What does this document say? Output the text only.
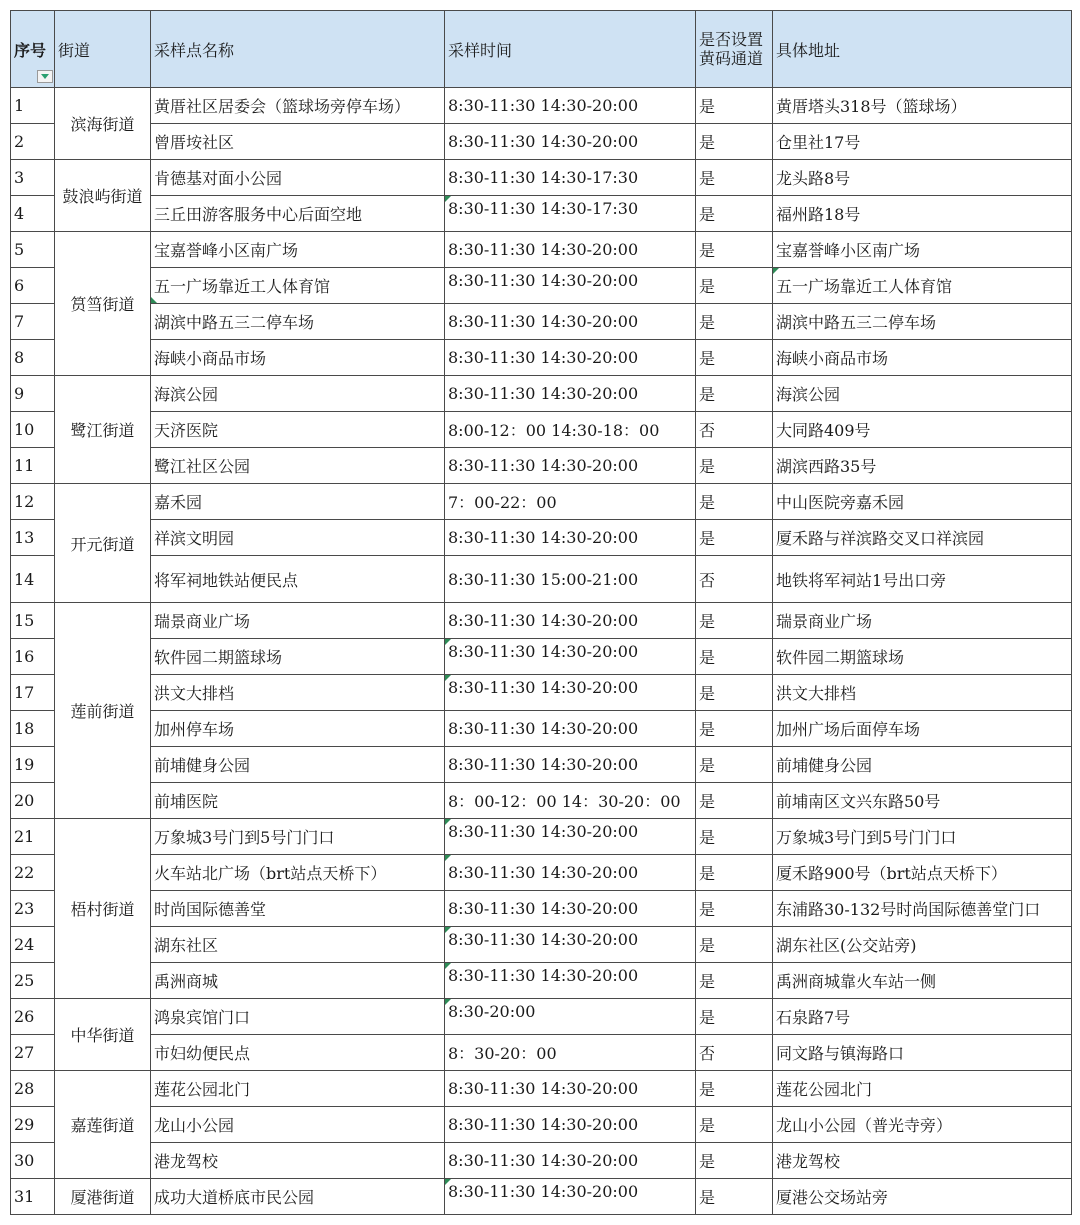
序号	街道	采样点名称	采样时间	是否设置黄码通道	具体地址
1	滨海街道	黄厝社区居委会（篮球场旁停车场）	8:30-11:30 14:30-20:00	是	黄厝塔头318号（篮球场）
2		曾厝垵社区	8:30-11:30 14:30-20:00	是	仓里社17号
3	鼓浪屿街道	肯德基对面小公园	8:30-11:30 14:30-17:30	是	龙头路8号
4		三丘田游客服务中心后面空地	8:30-11:30 14:30-17:30	是	福州路18号
5	筼筜街道	宝嘉誉峰小区南广场	8:30-11:30 14:30-20:00	是	宝嘉誉峰小区南广场
6		五一广场靠近工人体育馆	8:30-11:30 14:30-20:00	是	五一广场靠近工人体育馆
7		湖滨中路五三二停车场	8:30-11:30 14:30-20:00	是	湖滨中路五三二停车场
8		海峡小商品市场	8:30-11:30 14:30-20:00	是	海峡小商品市场
9	鹭江街道	海滨公园	8:30-11:30 14:30-20:00	是	海滨公园
10		天济医院	8:00-12：00 14:30-18：00	否	大同路409号
11		鹭江社区公园	8:30-11:30 14:30-20:00	是	湖滨西路35号
12	开元街道	嘉禾园	7：00-22：00	是	中山医院旁嘉禾园
13		祥滨文明园	8:30-11:30 14:30-20:00	是	厦禾路与祥滨路交叉口祥滨园
14		将军祠地铁站便民点	8:30-11:30 15:00-21:00	否	地铁将军祠站1号出口旁
15	莲前街道	瑞景商业广场	8:30-11:30 14:30-20:00	是	瑞景商业广场
16		软件园二期篮球场	8:30-11:30 14:30-20:00	是	软件园二期篮球场
17		洪文大排档	8:30-11:30 14:30-20:00	是	洪文大排档
18		加州停车场	8:30-11:30 14:30-20:00	是	加州广场后面停车场
19		前埔健身公园	8:30-11:30 14:30-20:00	是	前埔健身公园
20		前埔医院	8：00-12：00 14：30-20：00	是	前埔南区文兴东路50号
21	梧村街道	万象城3号门到5号门门口	8:30-11:30 14:30-20:00	是	万象城3号门到5号门门口
22		火车站北广场（brt站点天桥下）	8:30-11:30 14:30-20:00	是	厦禾路900号（brt站点天桥下）
23		时尚国际德善堂	8:30-11:30 14:30-20:00	是	东浦路30-132号时尚国际德善堂门口
24		湖东社区	8:30-11:30 14:30-20:00	是	湖东社区(公交站旁)
25		禹洲商城	8:30-11:30 14:30-20:00	是	禹洲商城靠火车站一侧
26	中华街道	鸿泉宾馆门口	8:30-20:00	是	石泉路7号
27		市妇幼便民点	8：30-20：00	否	同文路与镇海路口
28	嘉莲街道	莲花公园北门	8:30-11:30 14:30-20:00	是	莲花公园北门
29		龙山小公园	8:30-11:30 14:30-20:00	是	龙山小公园（普光寺旁）
30		港龙驾校	8:30-11:30 14:30-20:00	是	港龙驾校
31	厦港街道	成功大道桥底市民公园	8:30-11:30 14:30-20:00	是	厦港公交场站旁
